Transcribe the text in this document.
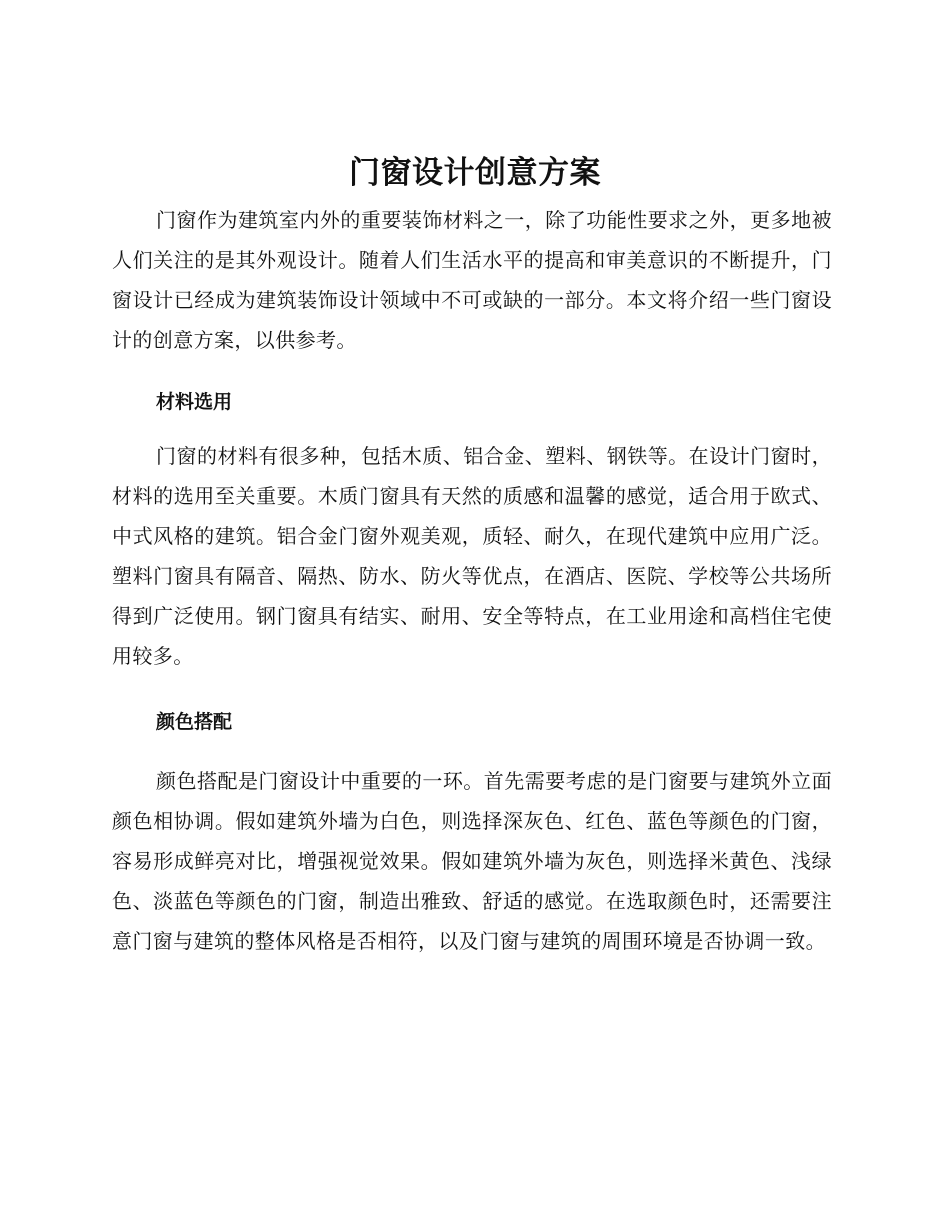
门窗设计创意方案

门窗作为建筑室内外的重要装饰材料之一，除了功能性要求之外，更多地被人们关注的是其外观设计。随着人们生活水平的提高和审美意识的不断提升，门窗设计已经成为建筑装饰设计领域中不可或缺的一部分。本文将介绍一些门窗设计的创意方案，以供参考。

材料选用

门窗的材料有很多种，包括木质、铝合金、塑料、钢铁等。在设计门窗时，材料的选用至关重要。木质门窗具有天然的质感和温馨的感觉，适合用于欧式、中式风格的建筑。铝合金门窗外观美观，质轻、耐久，在现代建筑中应用广泛。塑料门窗具有隔音、隔热、防水、防火等优点，在酒店、医院、学校等公共场所得到广泛使用。钢门窗具有结实、耐用、安全等特点，在工业用途和高档住宅使用较多。

颜色搭配

颜色搭配是门窗设计中重要的一环。首先需要考虑的是门窗要与建筑外立面颜色相协调。假如建筑外墙为白色，则选择深灰色、红色、蓝色等颜色的门窗，容易形成鲜亮对比，增强视觉效果。假如建筑外墙为灰色，则选择米黄色、浅绿色、淡蓝色等颜色的门窗，制造出雅致、舒适的感觉。在选取颜色时，还需要注意门窗与建筑的整体风格是否相符，以及门窗与建筑的周围环境是否协调一致。
